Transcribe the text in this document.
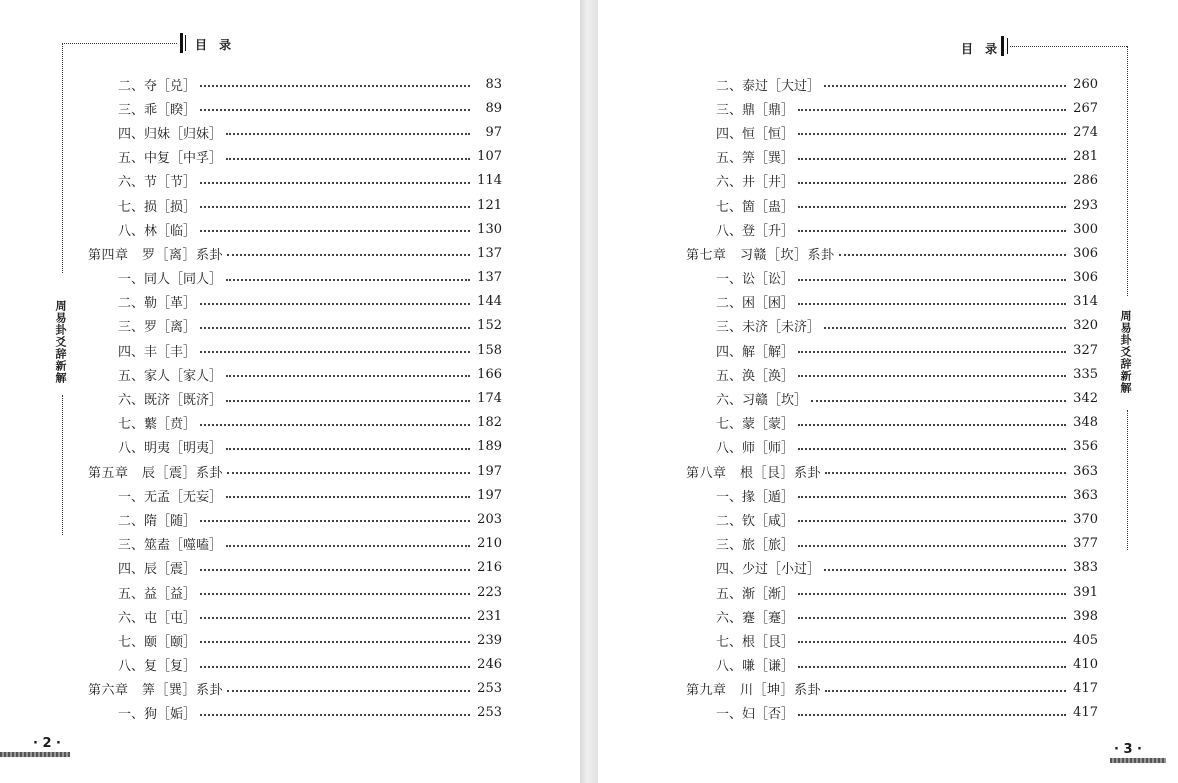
目 录
周易卦爻辞新解
二、夺［兑］	83
三、乖［睽］	89
四、归妹［归妹］	97
五、中复［中孚］	107
六、节［节］	114
七、损［损］	121
八、林［临］	130
第四章　罗［离］系卦	137
一、同人［同人］	137
二、勒［革］	144
三、罗［离］	152
四、丰［丰］	158
五、家人［家人］	166
六、既济［既济］	174
七、蘩［贲］	182
八、明夷［明夷］	189
第五章　辰［震］系卦	197
一、无孟［无妄］	197
二、隋［随］	203
三、筮盍［噬嗑］	210
四、辰［震］	216
五、益［益］	223
六、屯［屯］	231
七、颐［颐］	239
八、复［复］	246
第六章　筭［巽］系卦	253
一、狗［姤］	253
· 2 ·
目 录
周易卦爻辞新解
二、泰过［大过］	260
三、鼎［鼎］	267
四、恒［恒］	274
五、筭［巽］	281
六、井［井］	286
七、箇［蛊］	293
八、登［升］	300
第七章　习赣［坎］系卦	306
一、讼［讼］	306
二、困［困］	314
三、未济［未济］	320
四、解［解］	327
五、涣［涣］	335
六、习赣［坎］	342
七、蒙［蒙］	348
八、师［师］	356
第八章　根［艮］系卦	363
一、掾［遁］	363
二、钦［咸］	370
三、旅［旅］	377
四、少过［小过］	383
五、渐［渐］	391
六、蹇［蹇］	398
七、根［艮］	405
八、嗛［谦］	410
第九章　川［坤］系卦	417
一、妇［否］	417
· 3 ·
